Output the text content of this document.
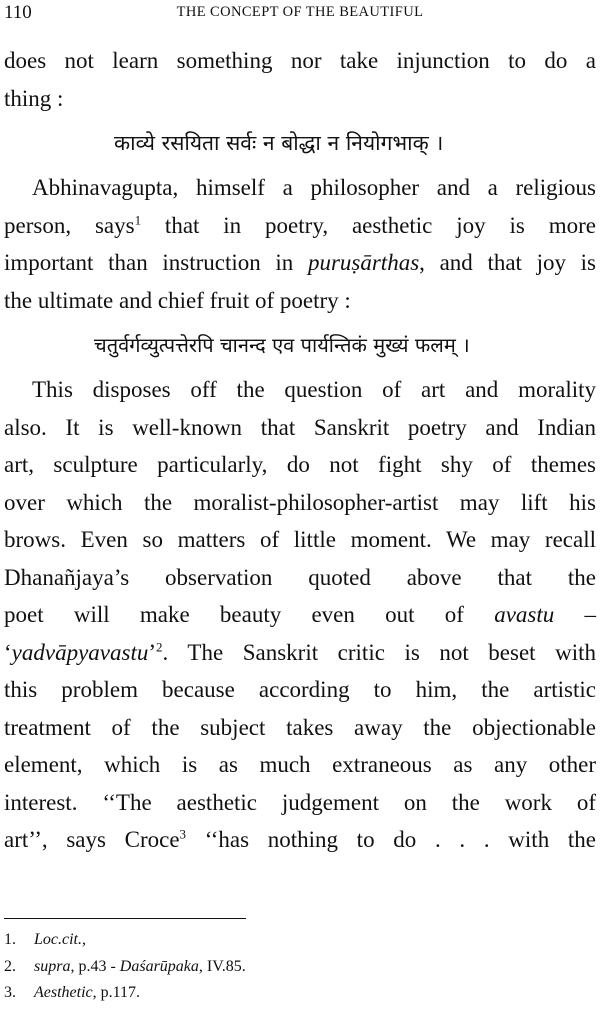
110	THE CONCEPT OF THE BEAUTIFUL
does not learn something nor take injunction to do a
thing :
काव्ये रसयिता सर्वः न बोद्धा न नियोगभाक् ।
Abhinavagupta, himself a philosopher and a religious
person, says$^1$ that in poetry, aesthetic joy is more
important than instruction in puruṣārthas, and that joy is
the ultimate and chief fruit of poetry :
चतुर्वर्गव्युत्पत्तेरपि चानन्द एव पार्यन्तिकं मुख्यं फलम् ।
This disposes off the question of art and morality
also. It is well-known that Sanskrit poetry and Indian
art, sculpture particularly, do not fight shy of themes
over which the moralist-philosopher-artist may lift his
brows. Even so matters of little moment. We may recall
Dhanañjaya’s observation quoted above that the
poet will make beauty even out of avastu –
‘yadvāpyavastu’$^2$. The Sanskrit critic is not beset with
this problem because according to him, the artistic
treatment of the subject takes away the objectionable
element, which is as much extraneous as any other
interest. ‘‘The aesthetic judgement on the work of
art’’, says Croce$^3$ ‘‘has nothing to do . . . with the
1. Loc.cit.,
2. supra, p.43 - Daśarūpaka, IV.85.
3. Aesthetic, p.117.
